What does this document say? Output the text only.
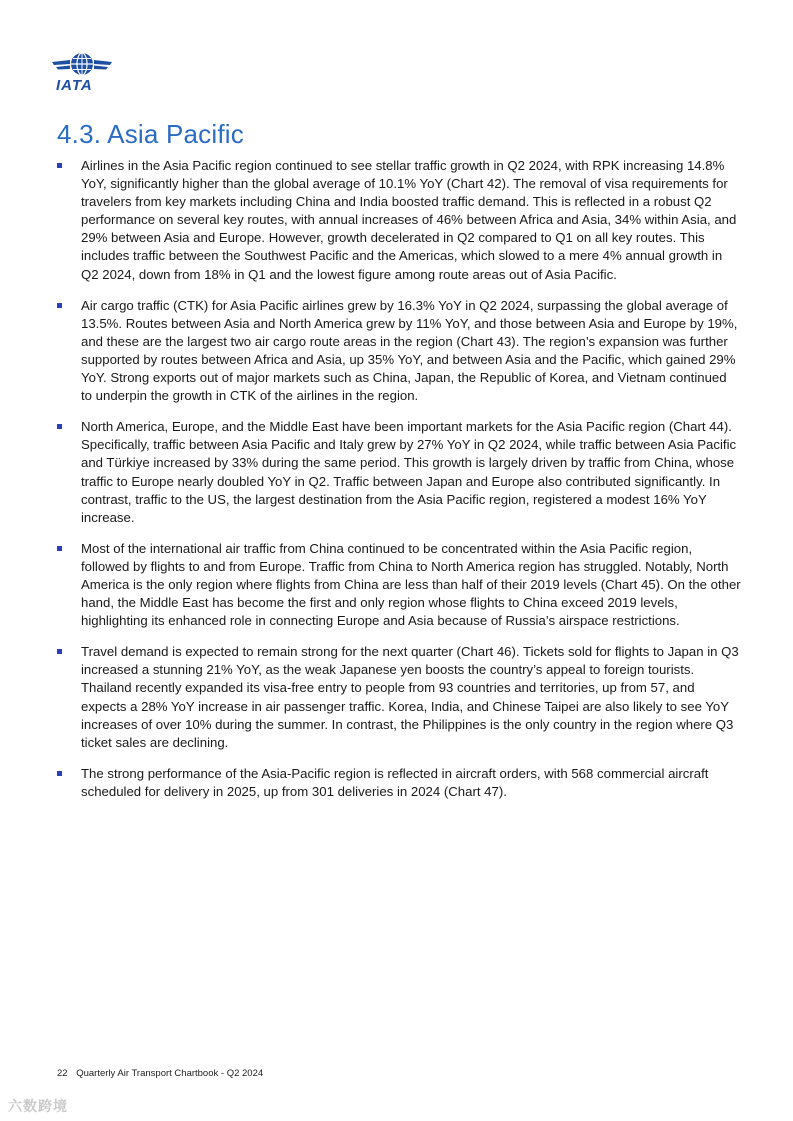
IATA
4.3. Asia Pacific
Airlines in the Asia Pacific region continued to see stellar traffic growth in Q2 2024, with RPK increasing 14.8% YoY, significantly higher than the global average of 10.1% YoY (Chart 42). The removal of visa requirements for travelers from key markets including China and India boosted traffic demand. This is reflected in a robust Q2 performance on several key routes, with annual increases of 46% between Africa and Asia, 34% within Asia, and 29% between Asia and Europe. However, growth decelerated in Q2 compared to Q1 on all key routes. This includes traffic between the Southwest Pacific and the Americas, which slowed to a mere 4% annual growth in Q2 2024, down from 18% in Q1 and the lowest figure among route areas out of Asia Pacific.
Air cargo traffic (CTK) for Asia Pacific airlines grew by 16.3% YoY in Q2 2024, surpassing the global average of 13.5%. Routes between Asia and North America grew by 11% YoY, and those between Asia and Europe by 19%, and these are the largest two air cargo route areas in the region (Chart 43). The region’s expansion was further supported by routes between Africa and Asia, up 35% YoY, and between Asia and the Pacific, which gained 29% YoY. Strong exports out of major markets such as China, Japan, the Republic of Korea, and Vietnam continued to underpin the growth in CTK of the airlines in the region.
North America, Europe, and the Middle East have been important markets for the Asia Pacific region (Chart 44). Specifically, traffic between Asia Pacific and Italy grew by 27% YoY in Q2 2024, while traffic between Asia Pacific and Türkiye increased by 33% during the same period. This growth is largely driven by traffic from China, whose traffic to Europe nearly doubled YoY in Q2. Traffic between Japan and Europe also contributed significantly. In contrast, traffic to the US, the largest destination from the Asia Pacific region, registered a modest 16% YoY increase.
Most of the international air traffic from China continued to be concentrated within the Asia Pacific region, followed by flights to and from Europe. Traffic from China to North America region has struggled. Notably, North America is the only region where flights from China are less than half of their 2019 levels (Chart 45). On the other hand, the Middle East has become the first and only region whose flights to China exceed 2019 levels, highlighting its enhanced role in connecting Europe and Asia because of Russia’s airspace restrictions.
Travel demand is expected to remain strong for the next quarter (Chart 46). Tickets sold for flights to Japan in Q3 increased a stunning 21% YoY, as the weak Japanese yen boosts the country’s appeal to foreign tourists. Thailand recently expanded its visa-free entry to people from 93 countries and territories, up from 57, and expects a 28% YoY increase in air passenger traffic. Korea, India, and Chinese Taipei are also likely to see YoY increases of over 10% during the summer. In contrast, the Philippines is the only country in the region where Q3 ticket sales are declining.
The strong performance of the Asia-Pacific region is reflected in aircraft orders, with 568 commercial aircraft scheduled for delivery in 2025, up from 301 deliveries in 2024 (Chart 47).
22 Quarterly Air Transport Chartbook - Q2 2024
六数跨境
